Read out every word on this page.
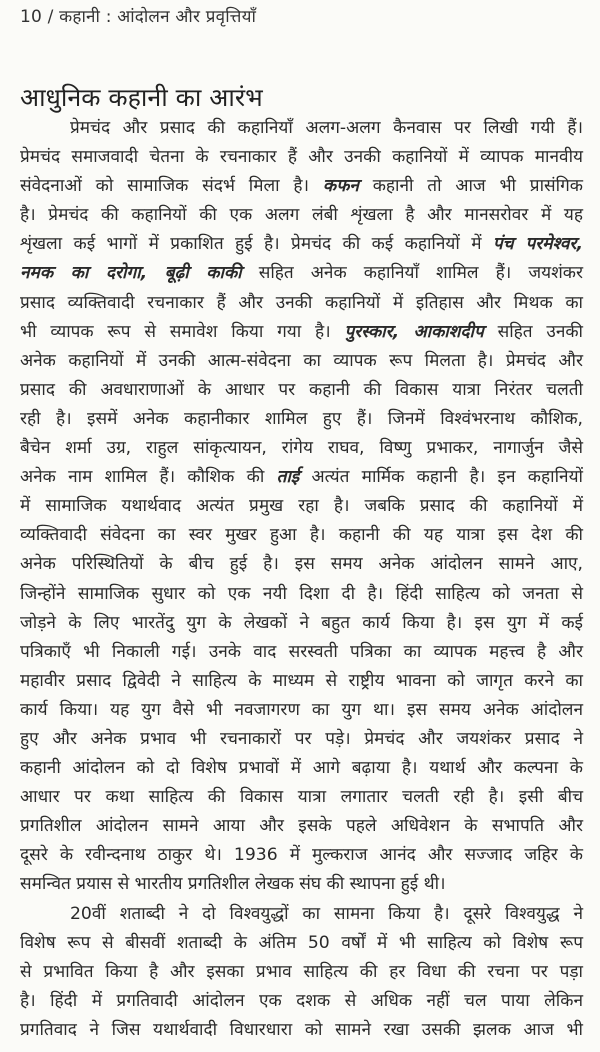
10 / कहानी : आंदोलन और प्रवृत्तियाँ
आधुनिक कहानी का आरंभ
प्रेमचंद और प्रसाद की कहानियाँ अलग-अलग कैनवास पर लिखी गयी हैं।
प्रेमचंद समाजवादी चेतना के रचनाकार हैं और उनकी कहानियों में व्यापक मानवीय
संवेदनाओं को सामाजिक संदर्भ मिला है। कफन कहानी तो आज भी प्रासंगिक
है। प्रेमचंद की कहानियों की एक अलग लंबी शृंखला है और मानसरोवर में यह
शृंखला कई भागों में प्रकाशित हुई है। प्रेमचंद की कई कहानियों में पंच परमेश्वर,
नमक का दरोगा, बूढ़ी काकी सहित अनेक कहानियाँ शामिल हैं। जयशंकर
प्रसाद व्यक्तिवादी रचनाकार हैं और उनकी कहानियों में इतिहास और मिथक का
भी व्यापक रूप से समावेश किया गया है। पुरस्कार, आकाशदीप सहित उनकी
अनेक कहानियों में उनकी आत्म-संवेदना का व्यापक रूप मिलता है। प्रेमचंद और
प्रसाद की अवधाराणाओं के आधार पर कहानी की विकास यात्रा निरंतर चलती
रही है। इसमें अनेक कहानीकार शामिल हुए हैं। जिनमें विश्वंभरनाथ कौशिक,
बैचेन शर्मा उग्र, राहुल सांकृत्यायन, रांगेय राघव, विष्णु प्रभाकर, नागार्जुन जैसे
अनेक नाम शामिल हैं। कौशिक की ताई अत्यंत मार्मिक कहानी है। इन कहानियों
में सामाजिक यथार्थवाद अत्यंत प्रमुख रहा है। जबकि प्रसाद की कहानियों में
व्यक्तिवादी संवेदना का स्वर मुखर हुआ है। कहानी की यह यात्रा इस देश की
अनेक परिस्थितियों के बीच हुई है। इस समय अनेक आंदोलन सामने आए,
जिन्होंने सामाजिक सुधार को एक नयी दिशा दी है। हिंदी साहित्य को जनता से
जोड़ने के लिए भारतेंदु युग के लेखकों ने बहुत कार्य किया है। इस युग में कई
पत्रिकाएँ भी निकाली गई। उनके वाद सरस्वती पत्रिका का व्यापक महत्त्व है और
महावीर प्रसाद द्विवेदी ने साहित्य के माध्यम से राष्ट्रीय भावना को जागृत करने का
कार्य किया। यह युग वैसे भी नवजागरण का युग था। इस समय अनेक आंदोलन
हुए और अनेक प्रभाव भी रचनाकारों पर पड़े। प्रेमचंद और जयशंकर प्रसाद ने
कहानी आंदोलन को दो विशेष प्रभावों में आगे बढ़ाया है। यथार्थ और कल्पना के
आधार पर कथा साहित्य की विकास यात्रा लगातार चलती रही है। इसी बीच
प्रगतिशील आंदोलन सामने आया और इसके पहले अधिवेशन के सभापति और
दूसरे के रवीन्दनाथ ठाकुर थे। 1936 में मुल्कराज आनंद और सज्जाद जहिर के
समन्वित प्रयास से भारतीय प्रगतिशील लेखक संघ की स्थापना हुई थी।
20वीं शताब्दी ने दो विश्वयुद्धों का सामना किया है। दूसरे विश्वयुद्ध ने
विशेष रूप से बीसवीं शताब्दी के अंतिम 50 वर्षों में भी साहित्य को विशेष रूप
से प्रभावित किया है और इसका प्रभाव साहित्य की हर विधा की रचना पर पड़ा
है। हिंदी में प्रगतिवादी आंदोलन एक दशक से अधिक नहीं चल पाया लेकिन
प्रगतिवाद ने जिस यथार्थवादी विधारधारा को सामने रखा उसकी झलक आज भी
